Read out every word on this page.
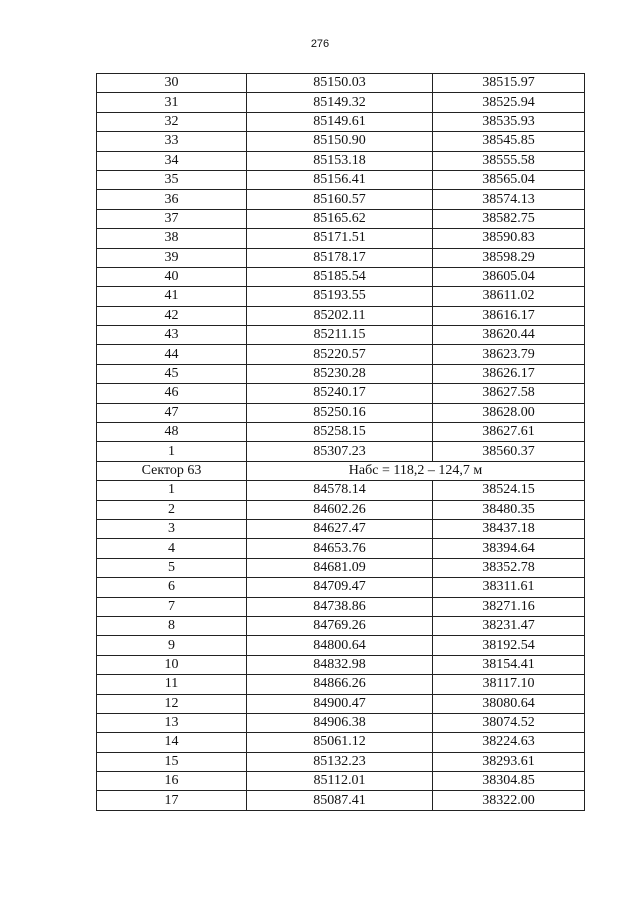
276
30	85150.03	38515.97
31	85149.32	38525.94
32	85149.61	38535.93
33	85150.90	38545.85
34	85153.18	38555.58
35	85156.41	38565.04
36	85160.57	38574.13
37	85165.62	38582.75
38	85171.51	38590.83
39	85178.17	38598.29
40	85185.54	38605.04
41	85193.55	38611.02
42	85202.11	38616.17
43	85211.15	38620.44
44	85220.57	38623.79
45	85230.28	38626.17
46	85240.17	38627.58
47	85250.16	38628.00
48	85258.15	38627.61
1	85307.23	38560.37
Сектор 63	Набс = 118,2 – 124,7 м	
1	84578.14	38524.15
2	84602.26	38480.35
3	84627.47	38437.18
4	84653.76	38394.64
5	84681.09	38352.78
6	84709.47	38311.61
7	84738.86	38271.16
8	84769.26	38231.47
9	84800.64	38192.54
10	84832.98	38154.41
11	84866.26	38117.10
12	84900.47	38080.64
13	84906.38	38074.52
14	85061.12	38224.63
15	85132.23	38293.61
16	85112.01	38304.85
17	85087.41	38322.00
